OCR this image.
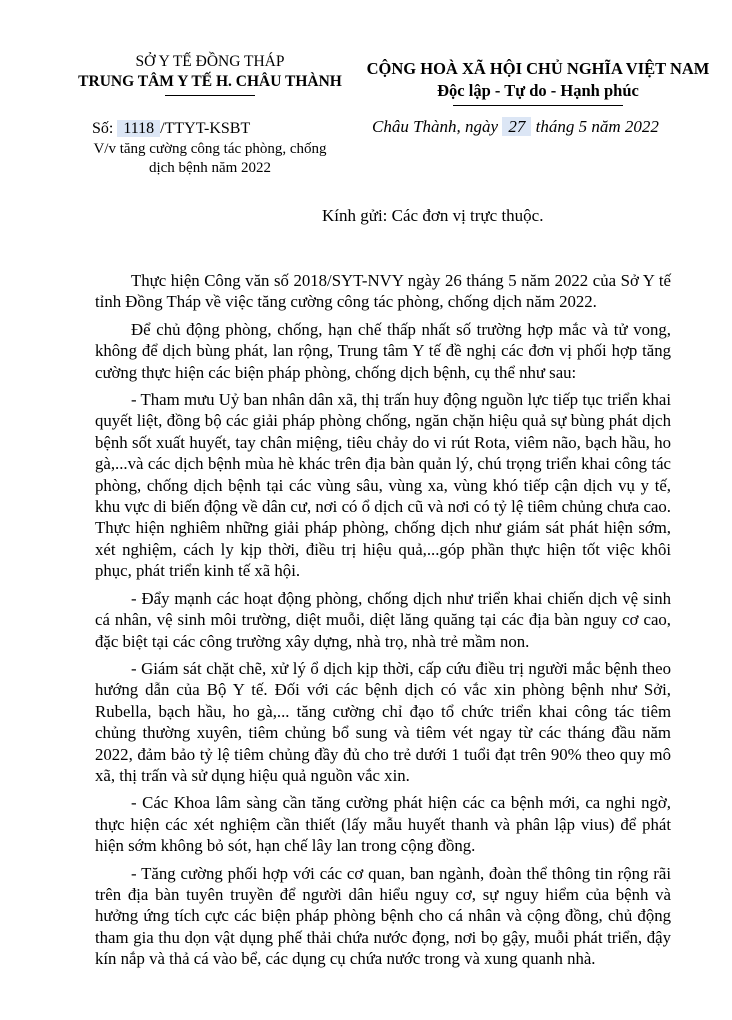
SỞ Y TẾ ĐỒNG THÁP
TRUNG TÂM Y TẾ H. CHÂU THÀNH
CỘNG HOÀ XÃ HỘI CHỦ NGHĨA VIỆT NAM
Độc lập - Tự do - Hạnh phúc
Số: 1118 /TTYT-KSBT
V/v tăng cường công tác phòng, chống
dịch bệnh năm 2022
Châu Thành, ngày 27 tháng 5 năm 2022
Kính gửi: Các đơn vị trực thuộc.

Thực hiện Công văn số 2018/SYT-NVY ngày 26 tháng 5 năm 2022 của Sở Y tế tỉnh Đồng Tháp về việc tăng cường công tác phòng, chống dịch năm 2022.

Để chủ động phòng, chống, hạn chế thấp nhất số trường hợp mắc và tử vong, không để dịch bùng phát, lan rộng, Trung tâm Y tế đề nghị các đơn vị phối hợp tăng cường thực hiện các biện pháp phòng, chống dịch bệnh, cụ thể như sau:

- Tham mưu Uỷ ban nhân dân xã, thị trấn huy động nguồn lực tiếp tục triển khai quyết liệt, đồng bộ các giải pháp phòng chống, ngăn chặn hiệu quả sự bùng phát dịch bệnh sốt xuất huyết, tay chân miệng, tiêu chảy do vi rút Rota, viêm não, bạch hầu, ho gà,...và các dịch bệnh mùa hè khác trên địa bàn quản lý, chú trọng triển khai công tác phòng, chống dịch bệnh tại các vùng sâu, vùng xa, vùng khó tiếp cận dịch vụ y tế, khu vực di biến động về dân cư, nơi có ổ dịch cũ và nơi có tỷ lệ tiêm chủng chưa cao. Thực hiện nghiêm những giải pháp phòng, chống dịch như giám sát phát hiện sớm, xét nghiệm, cách ly kịp thời, điều trị hiệu quả,...góp phần thực hiện tốt việc khôi phục, phát triển kinh tế xã hội.

- Đẩy mạnh các hoạt động phòng, chống dịch như triển khai chiến dịch vệ sinh cá nhân, vệ sinh môi trường, diệt muỗi, diệt lăng quăng tại các địa bàn nguy cơ cao, đặc biệt tại các công trường xây dựng, nhà trọ, nhà trẻ mầm non.

- Giám sát chặt chẽ, xử lý ổ dịch kịp thời, cấp cứu điều trị người mắc bệnh theo hướng dẫn của Bộ Y tế. Đối với các bệnh dịch có vắc xin phòng bệnh như Sởi, Rubella, bạch hầu, ho gà,... tăng cường chỉ đạo tổ chức triển khai công tác tiêm chủng thường xuyên, tiêm chủng bổ sung và tiêm vét ngay từ các tháng đầu năm 2022, đảm bảo tỷ lệ tiêm chủng đầy đủ cho trẻ dưới 1 tuổi đạt trên 90% theo quy mô xã, thị trấn và sử dụng hiệu quả nguồn vắc xin.

- Các Khoa lâm sàng cần tăng cường phát hiện các ca bệnh mới, ca nghi ngờ, thực hiện các xét nghiệm cần thiết (lấy mẫu huyết thanh và phân lập vius) để phát hiện sớm không bỏ sót, hạn chế lây lan trong cộng đồng.

- Tăng cường phối hợp với các cơ quan, ban ngành, đoàn thể thông tin rộng rãi trên địa bàn tuyên truyền để người dân hiểu nguy cơ, sự nguy hiểm của bệnh và hưởng ứng tích cực các biện pháp phòng bệnh cho cá nhân và cộng đồng, chủ động tham gia thu dọn vật dụng phế thải chứa nước đọng, nơi bọ gậy, muỗi phát triển, đậy kín nắp và thả cá vào bể, các dụng cụ chứa nước trong và xung quanh nhà.
